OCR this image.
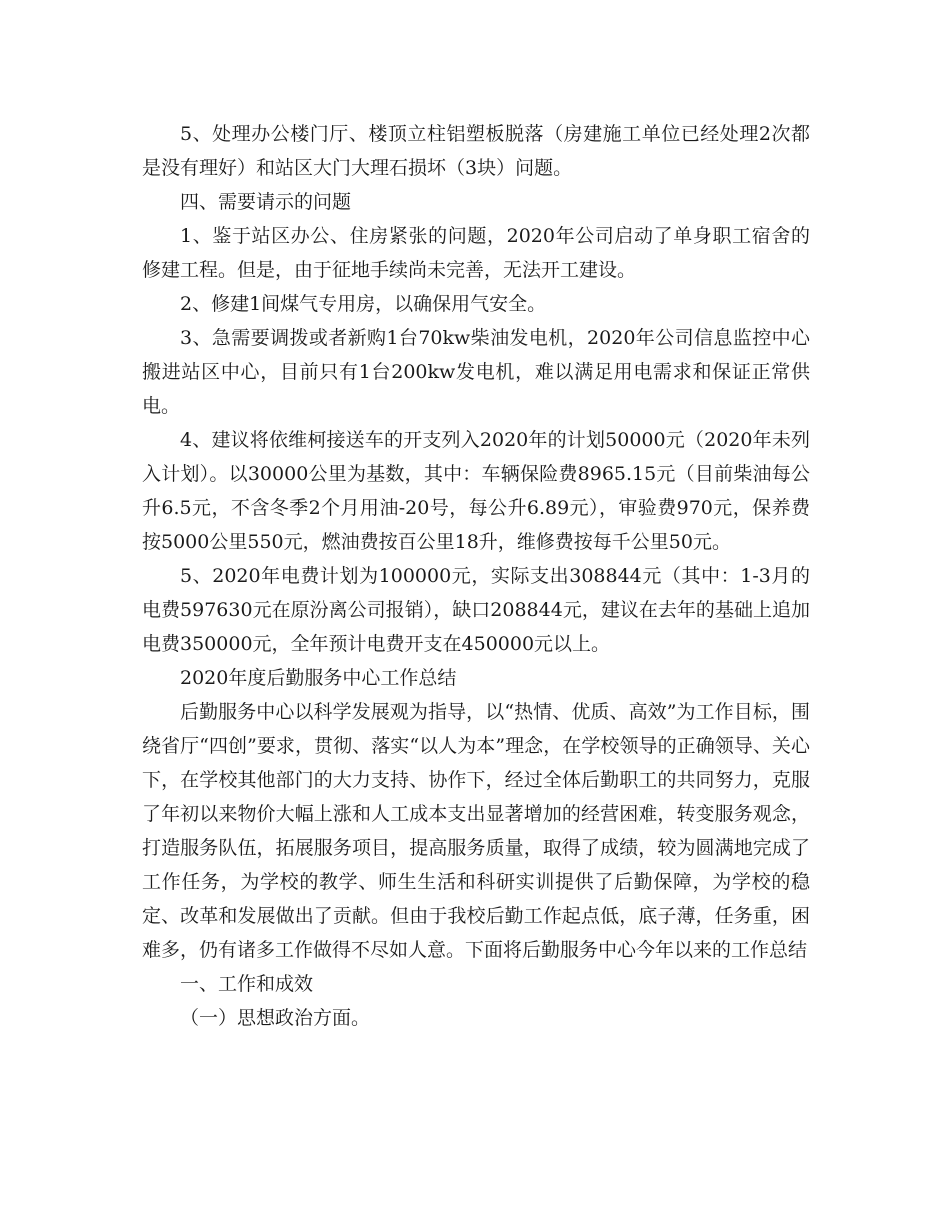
5、处理办公楼门厅、楼顶立柱铝塑板脱落（房建施工单位已经处理2次都是没有理好）和站区大门大理石损坏（3块）问题。

四、需要请示的问题

1、鉴于站区办公、住房紧张的问题，2020年公司启动了单身职工宿舍的修建工程。但是，由于征地手续尚未完善，无法开工建设。

2、修建1间煤气专用房，以确保用气安全。

3、急需要调拨或者新购1台70kw柴油发电机，2020年公司信息监控中心搬进站区中心，目前只有1台200kw发电机，难以满足用电需求和保证正常供电。

4、建议将依维柯接送车的开支列入2020年的计划50000元（2020年未列入计划）。以30000公里为基数，其中：车辆保险费8965.15元（目前柴油每公升6.5元，不含冬季2个月用油-20号，每公升6.89元），审验费970元，保养费按5000公里550元，燃油费按百公里18升，维修费按每千公里50元。

5、2020年电费计划为100000元，实际支出308844元（其中：1-3月的电费597630元在原汾离公司报销），缺口208844元，建议在去年的基础上追加电费350000元，全年预计电费开支在450000元以上。

2020年度后勤服务中心工作总结

后勤服务中心以科学发展观为指导，以“热情、优质、高效”为工作目标，围绕省厅“四创”要求，贯彻、落实“以人为本”理念，在学校领导的正确领导、关心下，在学校其他部门的大力支持、协作下，经过全体后勤职工的共同努力，克服了年初以来物价大幅上涨和人工成本支出显著增加的经营困难，转变服务观念，打造服务队伍，拓展服务项目，提高服务质量，取得了成绩，较为圆满地完成了工作任务，为学校的教学、师生生活和科研实训提供了后勤保障，为学校的稳定、改革和发展做出了贡献。但由于我校后勤工作起点低，底子薄，任务重，困难多，仍有诸多工作做得不尽如人意。下面将后勤服务中心今年以来的工作总结

一、工作和成效

（一）思想政治方面。
